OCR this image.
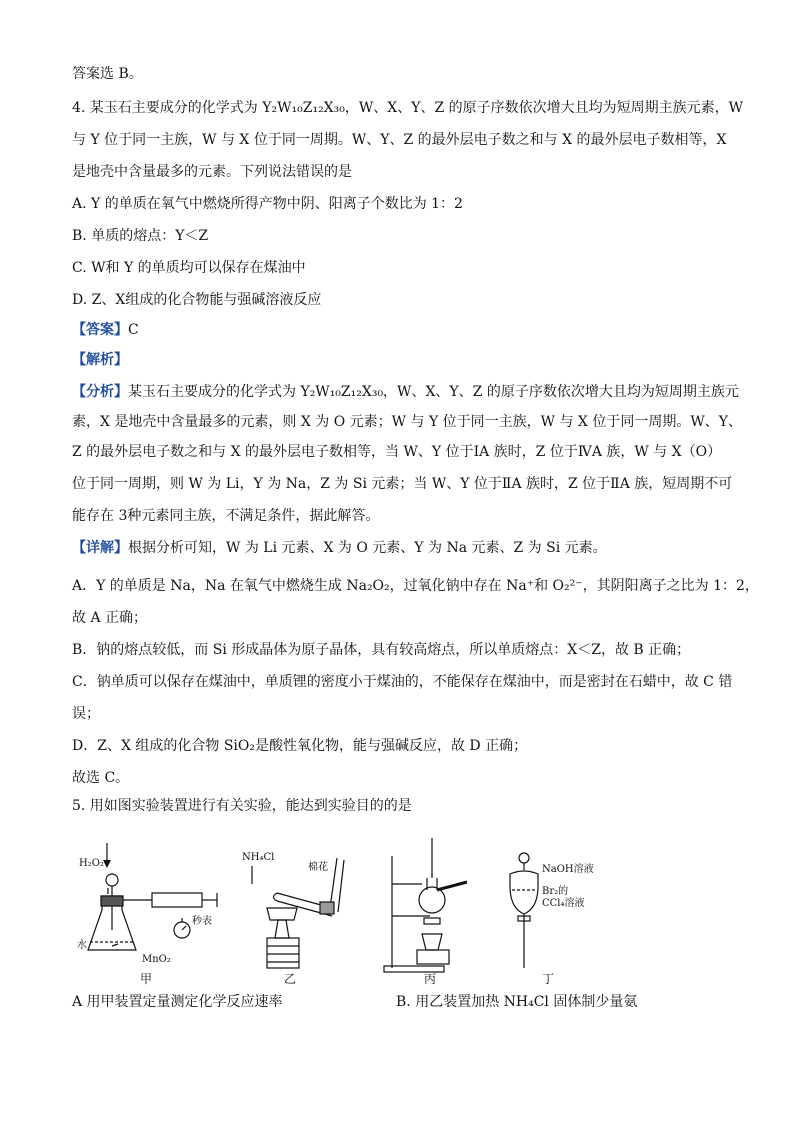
答案选 B。
4. 某玉石主要成分的化学式为 Y₂W₁₀Z₁₂X₃₀，W、X、Y、Z 的原子序数依次增大且均为短周期主族元素，W
与 Y 位于同一主族，W 与 X 位于同一周期。W、Y、Z 的最外层电子数之和与 X 的最外层电子数相等，X
是地壳中含量最多的元素。下列说法错误的是
A. Y 的单质在氧气中燃烧所得产物中阴、阳离子个数比为 1：2
B. 单质的熔点：Y＜Z
C. W和 Y 的单质均可以保存在煤油中
D. Z、X组成的化合物能与强碱溶液反应
【答案】C
【解析】
【分析】某玉石主要成分的化学式为 Y₂W₁₀Z₁₂X₃₀，W、X、Y、Z 的原子序数依次增大且均为短周期主族元
素，X 是地壳中含量最多的元素，则 X 为 O 元素；W 与 Y 位于同一主族，W 与 X 位于同一周期。W、Y、
Z 的最外层电子数之和与 X 的最外层电子数相等，当 W、Y 位于ⅠA 族时，Z 位于ⅣA 族，W 与 X（O）
位于同一周期，则 W 为 Li，Y 为 Na，Z 为 Si 元素；当 W、Y 位于ⅡA 族时，Z 位于ⅡA 族，短周期不可
能存在 3种元素同主族，不满足条件，据此解答。
【详解】根据分析可知，W 为 Li 元素、X 为 O 元素、Y 为 Na 元素、Z 为 Si 元素。
A．Y 的单质是 Na，Na 在氧气中燃烧生成 Na₂O₂，过氧化钠中存在 Na⁺和 O₂²⁻，其阴阳离子之比为 1：2，
故 A 正确；
B．钠的熔点较低，而 Si 形成晶体为原子晶体，具有较高熔点，所以单质熔点：X＜Z，故 B 正确；
C．钠单质可以保存在煤油中，单质锂的密度小于煤油的，不能保存在煤油中，而是密封在石蜡中，故 C 错
误；
D．Z、X 组成的化合物 SiO₂是酸性氧化物，能与强碱反应，故 D 正确；
故选 C。
5. 用如图实验装置进行有关实验，能达到实验目的的是
H₂O₂
水
MnO₂
秒表
NH₄Cl
棉花	NaOH溶液
Br₂的
CCl₄溶液
甲	乙	丙	丁
A 用甲装置定量测定化学反应速率	B. 用乙装置加热 NH₄Cl 固体制少量氨
